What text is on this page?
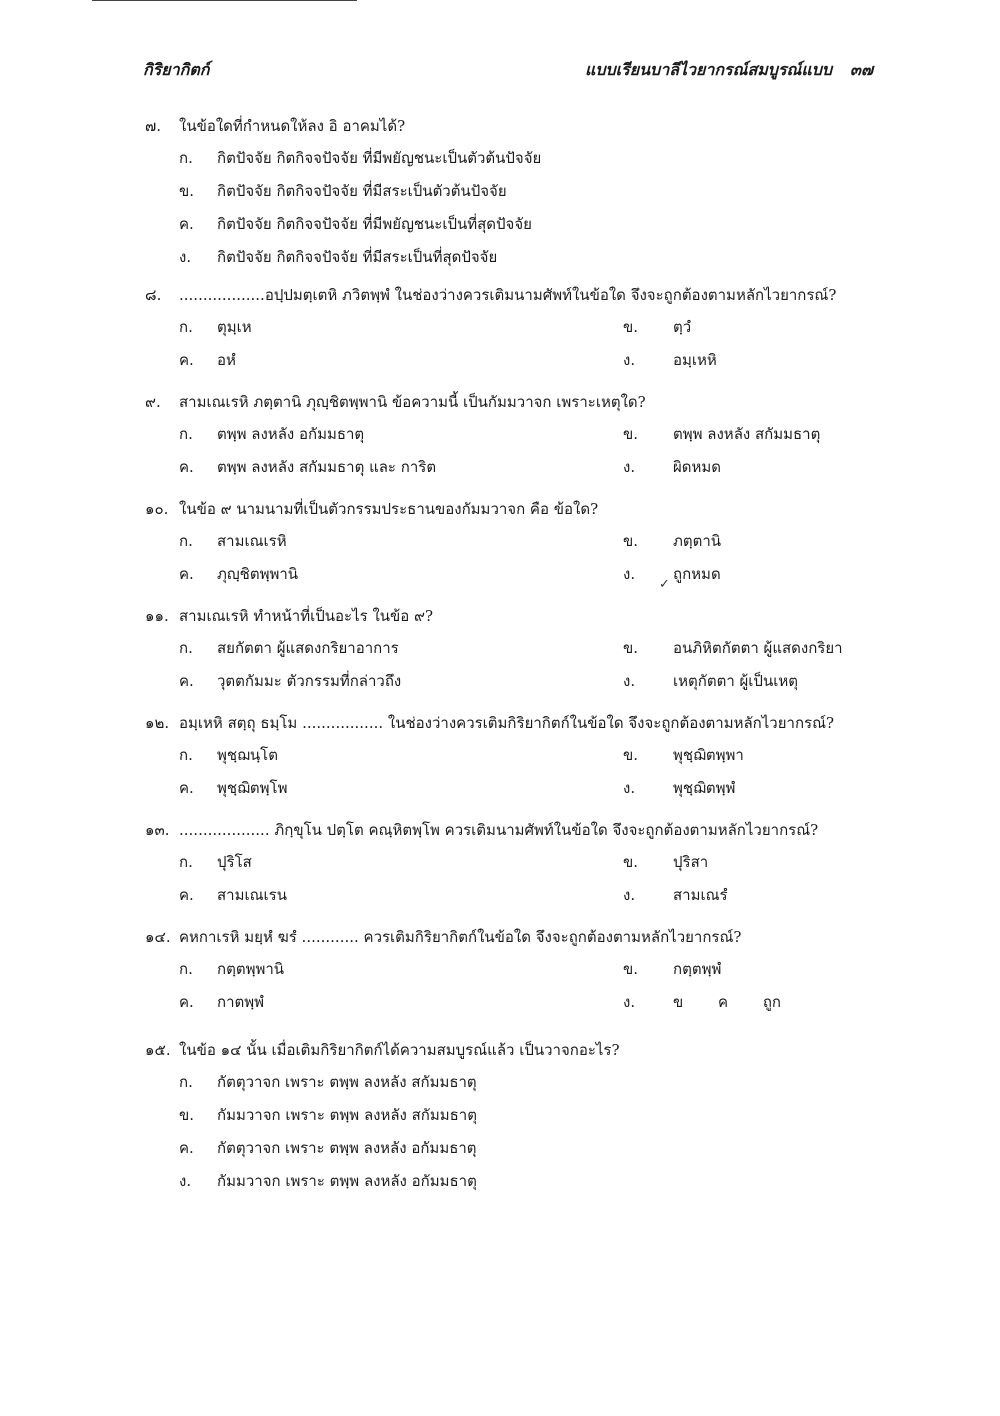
กิริยากิตก์	แบบเรียนบาลีไวยากรณ์สมบูรณ์แบบ ๓๗
๗. ในข้อใดที่กำหนดให้ลง อิ อาคมได้?
ก. กิตปัจจัย กิตกิจจปัจจัย ที่มีพยัญชนะเป็นตัวต้นปัจจัย
ข. กิตปัจจัย กิตกิจจปัจจัย ที่มีสระเป็นตัวต้นปัจจัย
ค. กิตปัจจัย กิตกิจจปัจจัย ที่มีพยัญชนะเป็นที่สุดปัจจัย
ง. กิตปัจจัย กิตกิจจปัจจัย ที่มีสระเป็นที่สุดปัจจัย
๘. ..................อปฺปมตฺเตหิ ภวิตพฺพํ ในช่องว่างควรเติมนามศัพท์ในข้อใด จึงจะถูกต้องตามหลักไวยากรณ์?
ก. ตุมฺเห	ข. ตฺวํ
ค. อหํ	ง.	อมฺเหหิ
๙. สามเณเรหิ ภตฺตานิ ภุญฺชิตพฺพานิ ข้อความนี้ เป็นกัมมวาจก เพราะเหตุใด?
ก. ตพฺพ ลงหลัง อกัมมธาตุ	ข. ตพฺพ ลงหลัง สกัมมธาตุ
ค. ตพฺพ ลงหลัง สกัมมธาตุ และ การิต	ง.	ผิดหมด
๑๐. ในข้อ ๙ นามนามที่เป็นตัวกรรมประธานของกัมมวาจก คือ ข้อใด?
ก. สามเณเรหิ	ข. ภตฺตานิ
✓
ค. ภุญฺชิตพฺพานิ	ง.	ถูกหมด
๑๑. สามเณเรหิ ทำหน้าที่เป็นอะไร ในข้อ ๙?
ก. สยกัตตา ผู้แสดงกริยาอาการ	ข. อนภิหิตกัตตา ผู้แสดงกริยา
ค. วุตตกัมมะ ตัวกรรมที่กล่าวถึง	ง.	เหตุกัตตา ผู้เป็นเหตุ
๑๒. อมฺเหหิ สตฺถุ ธมฺโม ................. ในช่องว่างควรเติมกิริยากิตก์ในข้อใด จึงจะถูกต้องตามหลักไวยากรณ์?
ก. พุชฺฌนฺโต	ข. พุชฺฌิตพฺพา
ค. พุชฺฌิตพฺโพ	ง.	พุชฺฌิตพฺพํ
๑๓. ................... ภิกฺขุโน ปตฺโต คณฺหิตพฺโพ ควรเติมนามศัพท์ในข้อใด จึงจะถูกต้องตามหลักไวยากรณ์?
ก. ปุริโส	ข. ปุริสา
ค. สามเณเรน	ง.	สามเณรํ
๑๔. คหกาเรหิ มยฺหํ ฆรํ ............ ควรเติมกิริยากิตก์ในข้อใด จึงจะถูกต้องตามหลักไวยากรณ์?
ก. กตฺตพฺพานิ	ข. กตฺตพฺพํ
ค. กาตพฺพํ	ง.	ข ค ถูก
๑๕. ในข้อ ๑๔ นั้น เมื่อเติมกิริยากิตก์ได้ความสมบูรณ์แล้ว เป็นวาจกอะไร?
ก. กัตตุวาจก เพราะ ตพฺพ ลงหลัง สกัมมธาตุ
ข. กัมมวาจก เพราะ ตพฺพ ลงหลัง สกัมมธาตุ
ค. กัตตุวาจก เพราะ ตพฺพ ลงหลัง อกัมมธาตุ
ง. กัมมวาจก เพราะ ตพฺพ ลงหลัง อกัมมธาตุ
